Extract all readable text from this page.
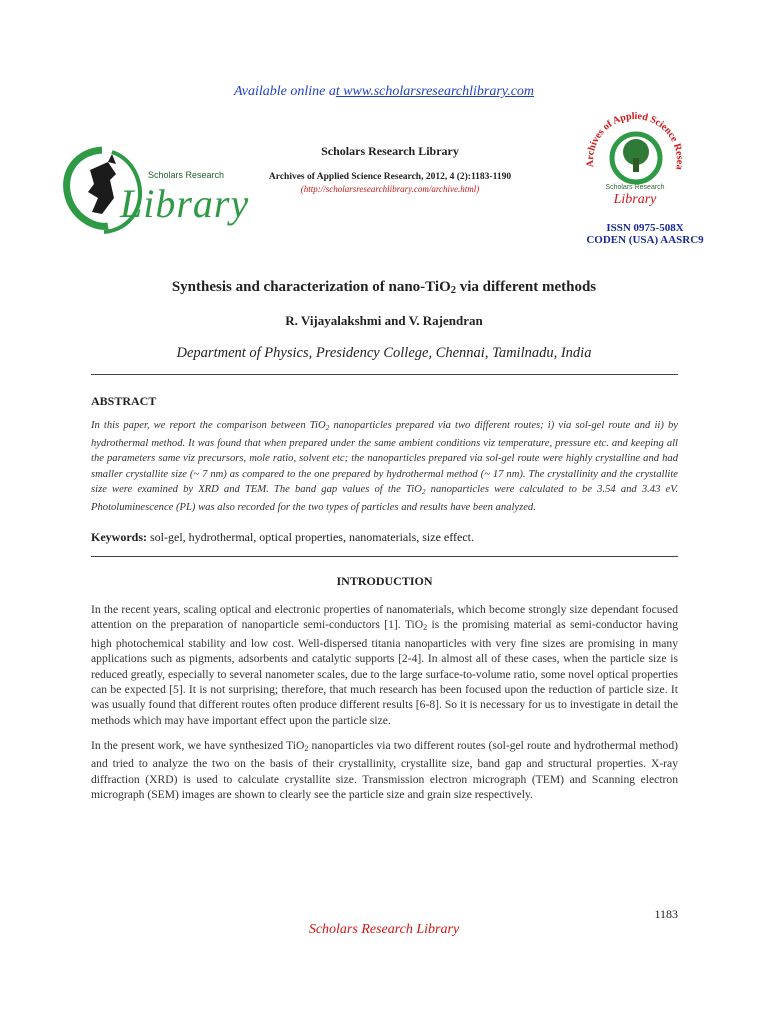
Available online at www.scholarsresearchlibrary.com
Scholars Research
Library
Scholars Research Library
Archives of Applied Science Research, 2012, 4 (2):1183-1190
(http://scholarsresearchlibrary.com/archive.html)
Archives of Applied Science Resea
Scholars Research
Library
ISSN 0975-508X
CODEN (USA) AASRC9
Synthesis and characterization of nano-TiO$_2$ via different methods
R. Vijayalakshmi and V. Rajendran
Department of Physics, Presidency College, Chennai, Tamilnadu, India
ABSTRACT
In this paper, we report the comparison between TiO$_2$ nanoparticles prepared via two different routes; i) via sol-gel route and ii) by hydrothermal method. It was found that when prepared under the same ambient conditions viz temperature, pressure etc. and keeping all the parameters same viz precursors, mole ratio, solvent etc; the nanoparticles prepared via sol-gel route were highly crystalline and had smaller crystallite size (~ 7 nm) as compared to the one prepared by hydrothermal method (~ 17 nm). The crystallinity and the crystallite size were examined by XRD and TEM. The band gap values of the TiO$_2$ nanoparticles were calculated to be 3.54 and 3.43 eV. Photoluminescence (PL) was also recorded for the two types of particles and results have been analyzed.
Keywords: sol-gel, hydrothermal, optical properties, nanomaterials, size effect.
INTRODUCTION
In the recent years, scaling optical and electronic properties of nanomaterials, which become strongly size dependant focused attention on the preparation of nanoparticle semi-conductors [1]. TiO$_2$ is the promising material as semi-conductor having high photochemical stability and low cost. Well-dispersed titania nanoparticles with very fine sizes are promising in many applications such as pigments, adsorbents and catalytic supports [2-4]. In almost all of these cases, when the particle size is reduced greatly, especially to several nanometer scales, due to the large surface-to-volume ratio, some novel optical properties can be expected [5]. It is not surprising; therefore, that much research has been focused upon the reduction of particle size. It was usually found that different routes often produce different results [6-8]. So it is necessary for us to investigate in detail the methods which may have important effect upon the particle size.
In the present work, we have synthesized TiO$_2$ nanoparticles via two different routes (sol-gel route and hydrothermal method) and tried to analyze the two on the basis of their crystallinity, crystallite size, band gap and structural properties. X-ray diffraction (XRD) is used to calculate crystallite size. Transmission electron micrograph (TEM) and Scanning electron micrograph (SEM) images are shown to clearly see the particle size and grain size respectively.
1183
Scholars Research Library
